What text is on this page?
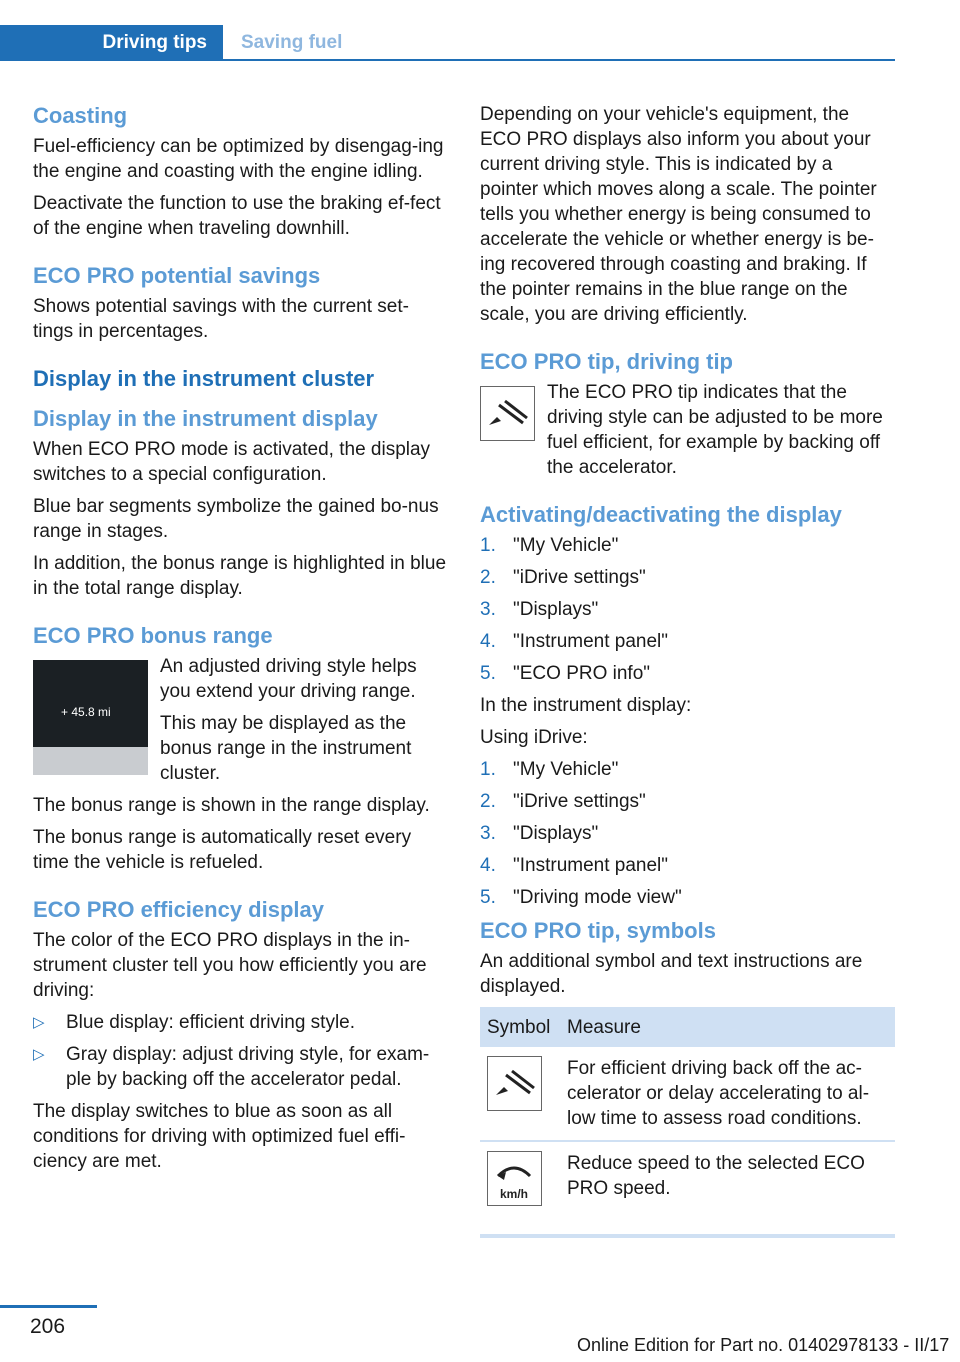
Driving tips	Saving fuel
Coasting

Fuel-efficiency can be optimized by disengag-ing the engine and coasting with the engine idling.

Deactivate the function to use the braking ef-fect of the engine when traveling downhill.

ECO PRO potential savings

Shows potential savings with the current set-tings in percentages.

Display in the instrument cluster
Display in the instrument display

When ECO PRO mode is activated, the display switches to a special configuration.

Blue bar segments symbolize the gained bo-nus range in stages.

In addition, the bonus range is highlighted in blue in the total range display.

ECO PRO bonus range
+ 45.8 mi

An adjusted driving style helps you extend your driving range.

This may be displayed as the bonus range in the instrument cluster.

The bonus range is shown in the range display.

The bonus range is automatically reset every time the vehicle is refueled.

ECO PRO efficiency display

The color of the ECO PRO displays in the in-strument cluster tell you how efficiently you are driving:

▷ Blue display: efficient driving style.
▷ Gray display: adjust driving style, for exam-ple by backing off the accelerator pedal.

The display switches to blue as soon as all conditions for driving with optimized fuel effi-ciency are met.

Depending on your vehicle's equipment, the ECO PRO displays also inform you about your current driving style. This is indicated by a pointer which moves along a scale. The pointer tells you whether energy is being consumed to accelerate the vehicle or whether energy is be-ing recovered through coasting and braking. If the pointer remains in the blue range on the scale, you are driving efficiently.

ECO PRO tip, driving tip

The ECO PRO tip indicates that the driving style can be adjusted to be more fuel efficient, for example by backing off the accelerator.

Activating/deactivating the display
1. "My Vehicle"
2. "iDrive settings"
3. "Displays"
4. "Instrument panel"
5. "ECO PRO info"

In the instrument display:

Using iDrive:

1. "My Vehicle"
2. "iDrive settings"
3. "Displays"
4. "Instrument panel"
5. "Driving mode view"
ECO PRO tip, symbols

An additional symbol and text instructions are displayed.

Symbol	Measure

	For efficient driving back off the ac-celerator or delay accelerating to al-low time to assess road conditions.

km/h	Reduce speed to the selected ECO PRO speed.
206
Online Edition for Part no. 01402978133 - II/17
